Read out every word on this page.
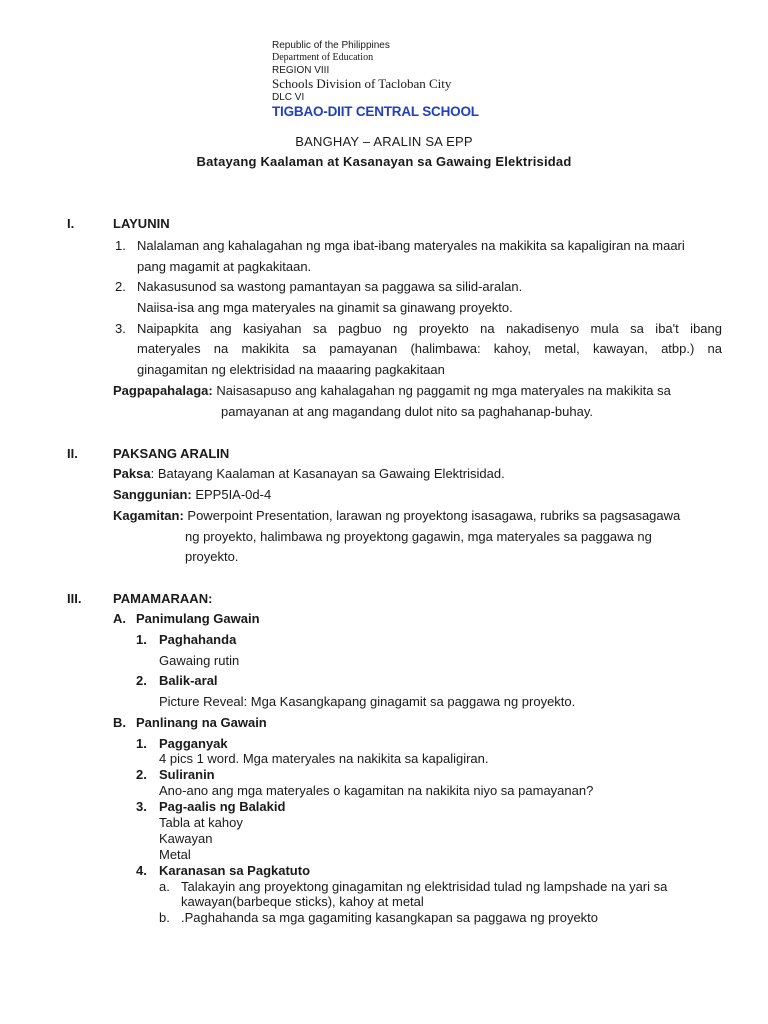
Republic of the Philippines
Department of Education
REGION VIII
Schools Division of Tacloban City
DLC VI
TIGBAO-DIIT CENTRAL SCHOOL
BANGHAY – ARALIN SA EPP
Batayang Kaalaman at Kasanayan sa Gawaing Elektrisidad
I.	LAYUNIN
1. Nalalaman ang kahalagahan ng mga ibat-ibang materyales na makikita sa kapaligiran na maari
pang magamit at pagkakitaan.
2. Nakasusunod sa wastong pamantayan sa paggawa sa silid-aralan.
Naiisa-isa ang mga materyales na ginamit sa ginawang proyekto.
3. Naipapkita ang kasiyahan sa pagbuo ng proyekto na nakadisenyo mula sa iba't ibang
materyales na makikita sa pamayanan (halimbawa: kahoy, metal, kawayan, atbp.) na
ginagamitan ng elektrisidad na maaaring pagkakitaan
Pagpapahalaga: Naisasapuso ang kahalagahan ng paggamit ng mga materyales na makikita sa
pamayanan at ang magandang dulot nito sa paghahanap-buhay.
II.	PAKSANG ARALIN
Paksa: Batayang Kaalaman at Kasanayan sa Gawaing Elektrisidad.
Sanggunian: EPP5IA-0d-4
Kagamitan: Powerpoint Presentation, larawan ng proyektong isasagawa, rubriks sa pagsasagawa
ng proyekto, halimbawa ng proyektong gagawin, mga materyales sa paggawa ng
proyekto.
III. PAMAMARAAN:
A. Panimulang Gawain
1. Paghahanda
Gawaing rutin
2. Balik-aral
Picture Reveal: Mga Kasangkapang ginagamit sa paggawa ng proyekto.
B. Panlinang na Gawain
1. Pagganyak
4 pics 1 word. Mga materyales na nakikita sa kapaligiran.
2. Suliranin
Ano-ano ang mga materyales o kagamitan na nakikita niyo sa pamayanan?
3. Pag-aalis ng Balakid
Tabla at kahoy
Kawayan
Metal
4. Karanasan sa Pagkatuto
a. Talakayin ang proyektong ginagamitan ng elektrisidad tulad ng lampshade na yari sa
kawayan(barbeque sticks), kahoy at metal
b. .Paghahanda sa mga gagamiting kasangkapan sa paggawa ng proyekto
